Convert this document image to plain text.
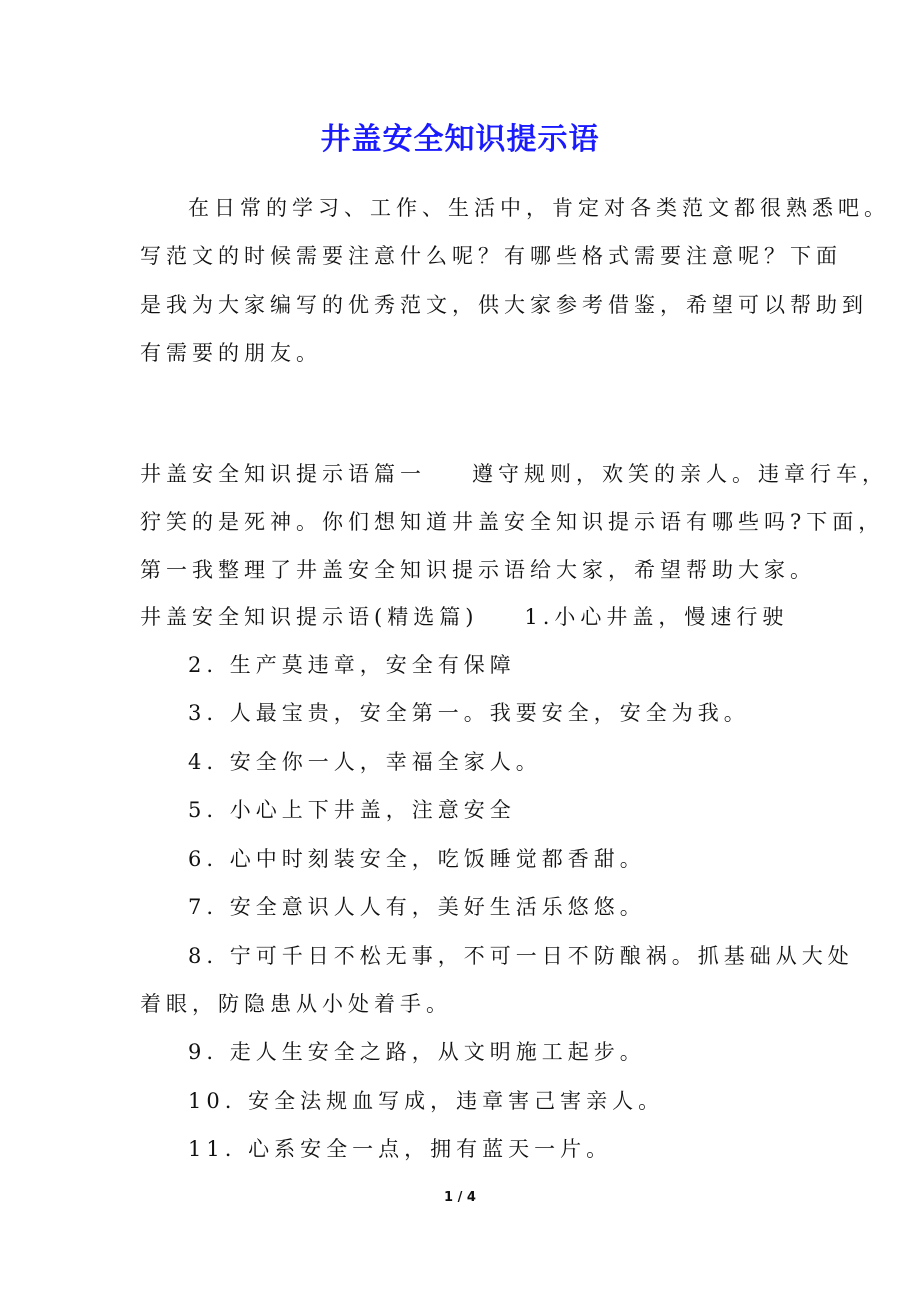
井盖安全知识提示语
在日常的学习、工作、生活中，肯定对各类范文都很熟悉吧。
写范文的时候需要注意什么呢？有哪些格式需要注意呢？下面
是我为大家编写的优秀范文，供大家参考借鉴，希望可以帮助到
有需要的朋友。
井盖安全知识提示语篇一 遵守规则，欢笑的亲人。违章行车，
狞笑的是死神。你们想知道井盖安全知识提示语有哪些吗?下面，
第一我整理了井盖安全知识提示语给大家，希望帮助大家。
井盖安全知识提示语(精选篇) 1.小心井盖，慢速行驶
2. 生产莫违章，安全有保障
3. 人最宝贵，安全第一。我要安全，安全为我。
4. 安全你一人，幸福全家人。
5. 小心上下井盖，注意安全
6. 心中时刻装安全，吃饭睡觉都香甜。
7. 安全意识人人有，美好生活乐悠悠。
8. 宁可千日不松无事，不可一日不防酿祸。抓基础从大处
着眼，防隐患从小处着手。
9. 走人生安全之路，从文明施工起步。
10. 安全法规血写成，违章害己害亲人。
11. 心系安全一点，拥有蓝天一片。
1 / 4
